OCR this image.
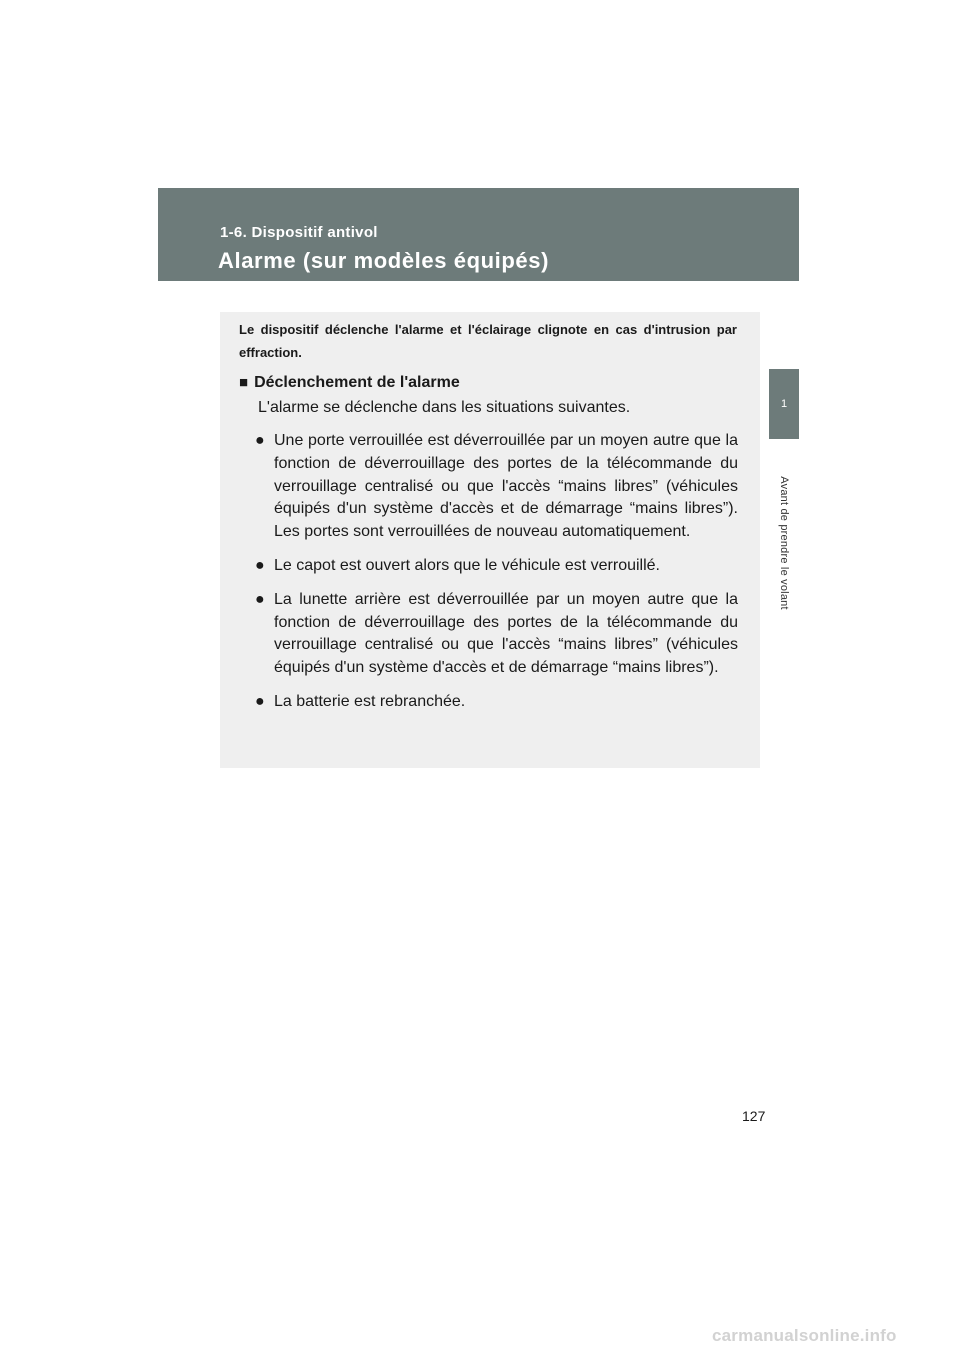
1-6. Dispositif antivol
Alarme (sur modèles équipés)
1
Avant de prendre le volant

Le dispositif déclenche l'alarme et l'éclairage clignote en cas d'intrusion par effraction.

■ Déclenchement de l'alarme
L'alarme se déclenche dans les situations suivantes.
● Une porte verrouillée est déverrouillée par un moyen autre que la fonction de déverrouillage des portes de la télécommande du verrouillage centralisé ou que l'accès “mains libres” (véhicules équipés d'un système d'accès et de démarrage “mains libres”). Les portes sont verrouillées de nouveau automatiquement.
● Le capot est ouvert alors que le véhicule est verrouillé.
● La lunette arrière est déverrouillée par un moyen autre que la fonction de déverrouillage des portes de la télécommande du verrouillage centralisé ou que l'accès “mains libres” (véhicules équipés d'un système d'accès et de démarrage “mains libres”).
● La batterie est rebranchée.
127
carmanualsonline.info
